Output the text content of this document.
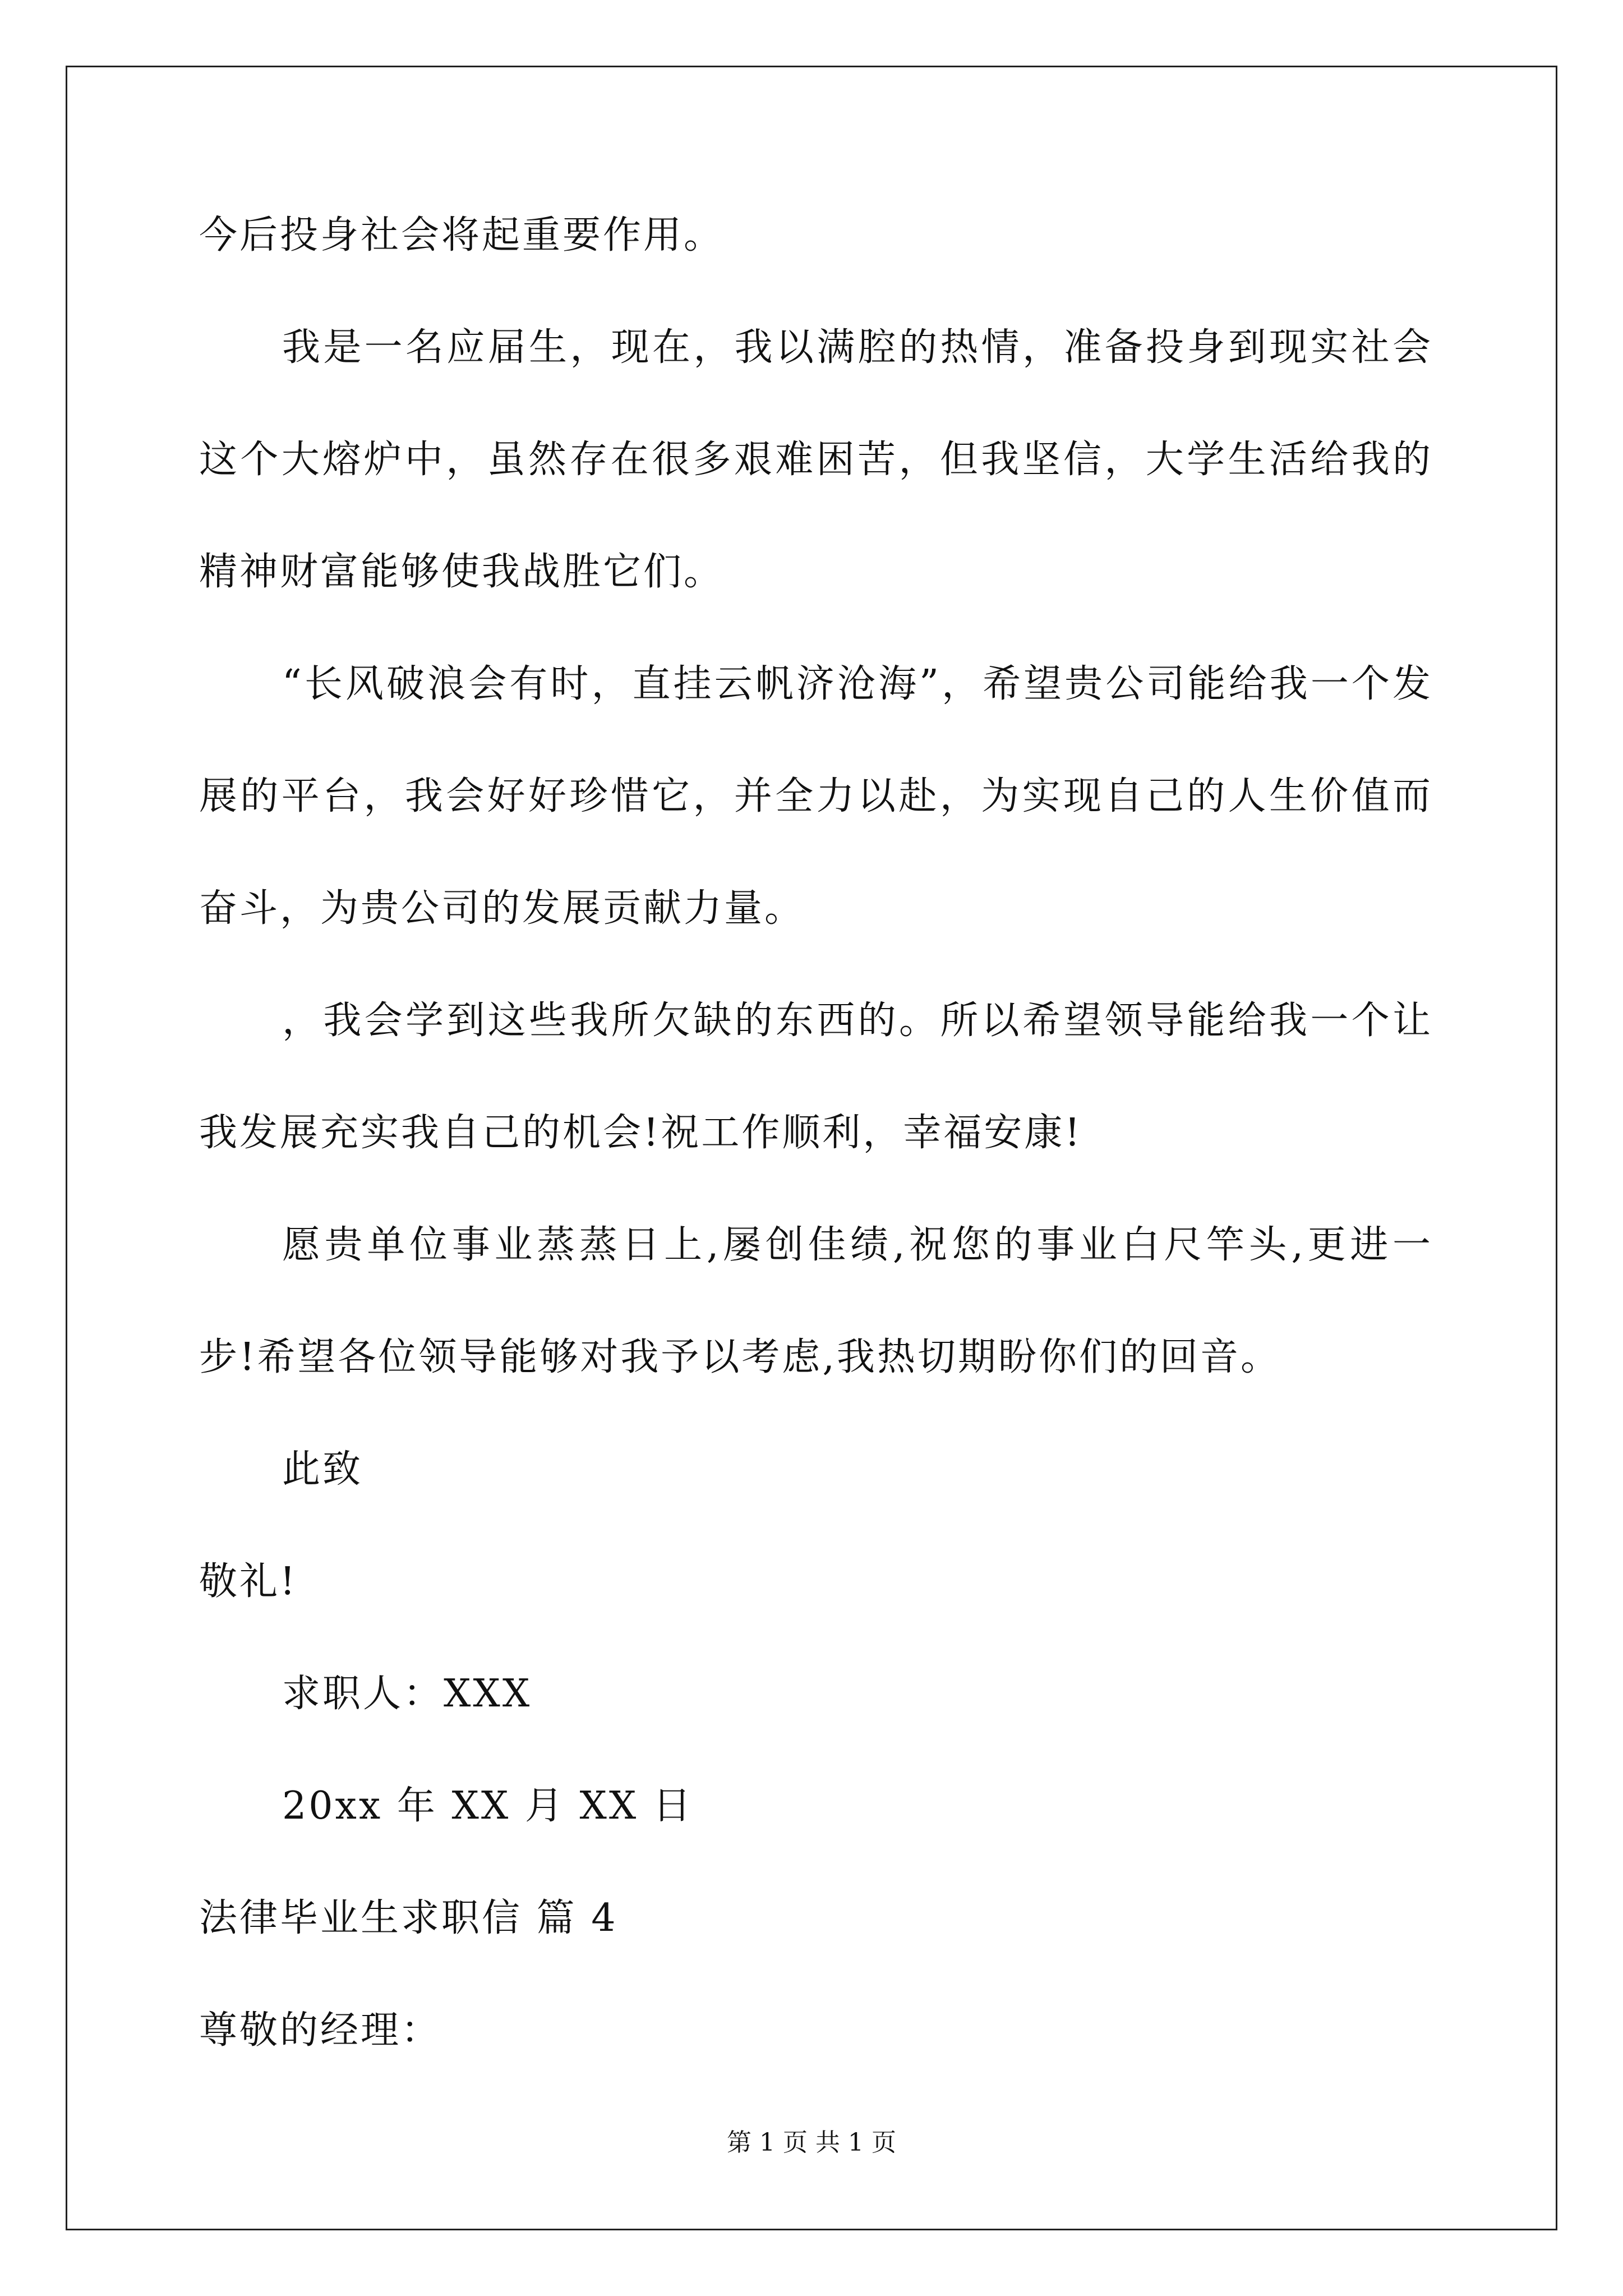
今后投身社会将起重要作用。
我是一名应届生，现在，我以满腔的热情，准备投身到现实社会
这个大熔炉中，虽然存在很多艰难困苦，但我坚信，大学生活给我的
精神财富能够使我战胜它们。
“长风破浪会有时，直挂云帆济沧海”，希望贵公司能给我一个发
展的平台，我会好好珍惜它，并全力以赴，为实现自己的人生价值而
奋斗，为贵公司的发展贡献力量。
，我会学到这些我所欠缺的东西的。所以希望领导能给我一个让
我发展充实我自己的机会!祝工作顺利，幸福安康!
愿贵单位事业蒸蒸日上,屡创佳绩,祝您的事业白尺竿头,更进一
步!希望各位领导能够对我予以考虑,我热切期盼你们的回音。
此致
敬礼!
求职人：XXX
20xx 年 XX 月 XX 日
法律毕业生求职信 篇 4
尊敬的经理：
第 1 页 共 1 页
